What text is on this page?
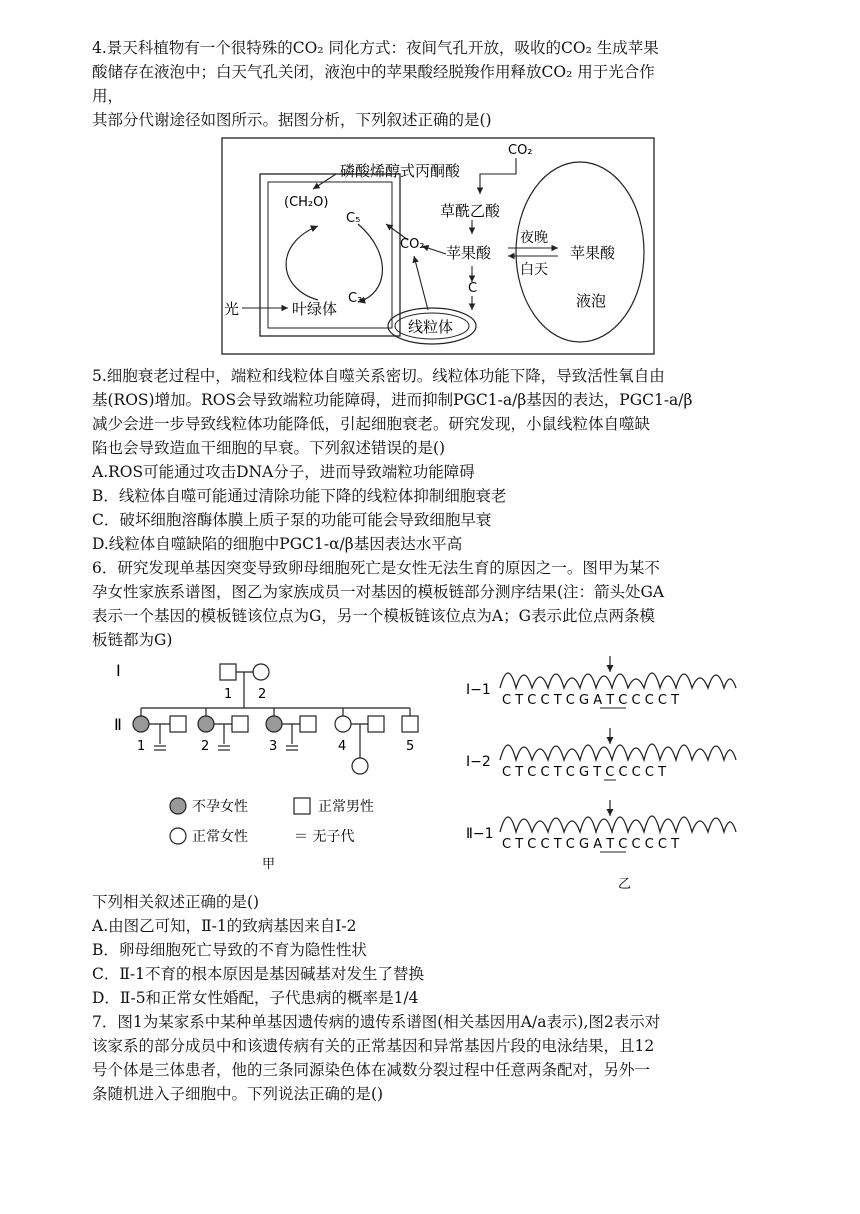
4.景天科植物有一个很特殊的CO₂ 同化方式：夜间气孔开放，吸收的CO₂ 生成苹果
酸储存在液泡中；白天气孔关闭，液泡中的苹果酸经脱羧作用释放CO₂ 用于光合作
用，
其部分代谢途径如图所示。据图分析，下列叙述正确的是()
CO₂
磷酸烯醇式丙酮酸
(CH₂O)
C₅
C₃
CO₂
草酰乙酸
苹果酸
夜晚
白天
苹果酸
C
光	叶绿体
线粒体
液泡
5.细胞衰老过程中，端粒和线粒体自噬关系密切。线粒体功能下降，导致活性氧自由
基(ROS)增加。ROS会导致端粒功能障碍，进而抑制PGC1-a/β基因的表达，PGC1-a/β
减少会进一步导致线粒体功能降低，引起细胞衰老。研究发现，小鼠线粒体自噬缺
陷也会导致造血干细胞的早衰。下列叙述错误的是()
A.ROS可能通过攻击DNA分子，进而导致端粒功能障碍
B．线粒体自噬可能通过清除功能下降的线粒体抑制细胞衰老
C．破坏细胞溶酶体膜上质子泵的功能可能会导致细胞早衰
D.线粒体自噬缺陷的细胞中PGC1-α/β基因表达水平高
6．研究发现单基因突变导致卵母细胞死亡是女性无法生育的原因之一。图甲为某不
孕女性家族系谱图，图乙为家族成员一对基因的模板链部分测序结果(注：箭头处GA
表示一个基因的模板链该位点为G，另一个模板链该位点为A；G表示此位点两条模
板链都为G)
I
1 2
Ⅱ
1	2	3	4	5
不孕女性	正常男性
正常女性	＝ 无子代
甲
I−1
C T C C T C G A T C C C C T
I−2
C T C C T C G T C C C C T
Ⅱ−1
C T C C T C G A T C C C C T
乙
下列相关叙述正确的是()
A.由图乙可知，Ⅱ-1的致病基因来自I-2
B．卵母细胞死亡导致的不育为隐性性状
C．Ⅱ-1不育的根本原因是基因碱基对发生了替换
D．Ⅱ-5和正常女性婚配，子代患病的概率是1/4
7．图1为某家系中某种单基因遗传病的遗传系谱图(相关基因用A/a表示),图2表示对
该家系的部分成员中和该遗传病有关的正常基因和异常基因片段的电泳结果，且12
号个体是三体患者，他的三条同源染色体在减数分裂过程中任意两条配对，另外一
条随机进入子细胞中。下列说法正确的是()
